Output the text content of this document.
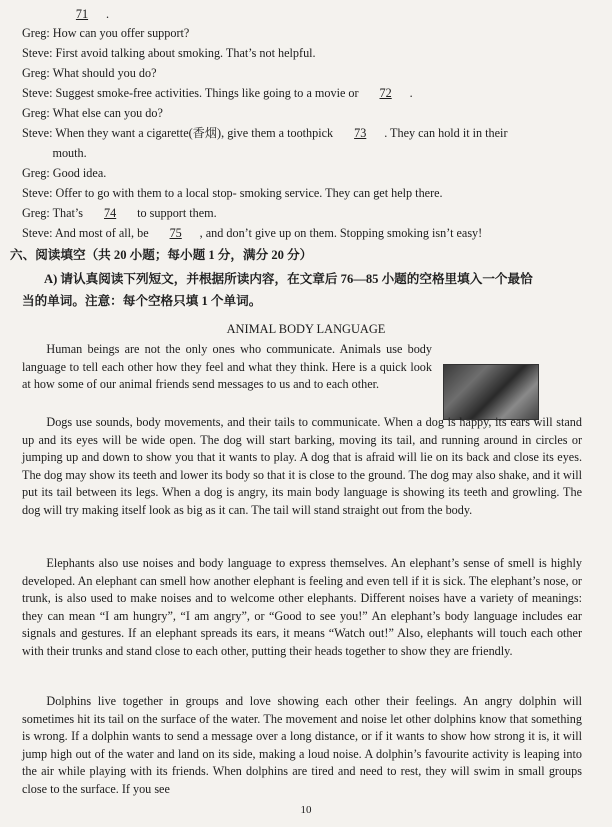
71 .
Greg: How can you offer support?
Steve: First avoid talking about smoking. That’s not helpful.
Greg: What should you do?
Steve: Suggest smoke-free activities. Things like going to a movie or 72 .
Greg: What else can you do?
Steve: When they want a cigarette(香烟), give them a toothpick 73 . They can hold it in their
mouth.
Greg: Good idea.
Steve: Offer to go with them to a local stop- smoking service. They can get help there.
Greg: That’s 74 to support them.
Steve: And most of all, be 75 , and don’t give up on them. Stopping smoking isn’t easy!
六、阅读填空（共 20 小题；每小题 1 分，满分 20 分）
A) 请认真阅读下列短文，并根据所读内容，在文章后 76—85 小题的空格里填入一个最恰
当的单词。注意：每个空格只填 1 个单词。
ANIMAL BODY LANGUAGE

Human beings are not the only ones who communicate. Animals use body language to tell each other how they feel and what they think. Here is a quick look at how some of our animal friends send messages to us and to each other.

Dogs use sounds, body movements, and their tails to communicate. When a dog is happy, its ears will stand up and its eyes will be wide open. The dog will start barking, moving its tail, and running around in circles or jumping up and down to show you that it wants to play. A dog that is afraid will lie on its back and close its eyes. The dog may show its teeth and lower its body so that it is close to the ground. The dog may also shake, and it will put its tail between its legs. When a dog is angry, its main body language is showing its teeth and growling. The dog will try making itself look as big as it can. The tail will stand straight out from the body.

Elephants also use noises and body language to express themselves. An elephant’s sense of smell is highly developed. An elephant can smell how another elephant is feeling and even tell if it is sick. The elephant’s nose, or trunk, is also used to make noises and to welcome other elephants. Different noises have a variety of meanings: they can mean “I am hungry”, “I am angry”, or “Good to see you!” An elephant’s body language includes ear signals and gestures. If an elephant spreads its ears, it means “Watch out!” Also, elephants will touch each other with their trunks and stand close to each other, putting their heads together to show they are friendly.

Dolphins live together in groups and love showing each other their feelings. An angry dolphin will sometimes hit its tail on the surface of the water. The movement and noise let other dolphins know that something is wrong. If a dolphin wants to send a message over a long distance, or if it wants to show how strong it is, it will jump high out of the water and land on its side, making a loud noise. A dolphin’s favourite activity is leaping into the air while playing with its friends. When dolphins are tired and need to rest, they will swim in small groups close to the surface. If you see

10
